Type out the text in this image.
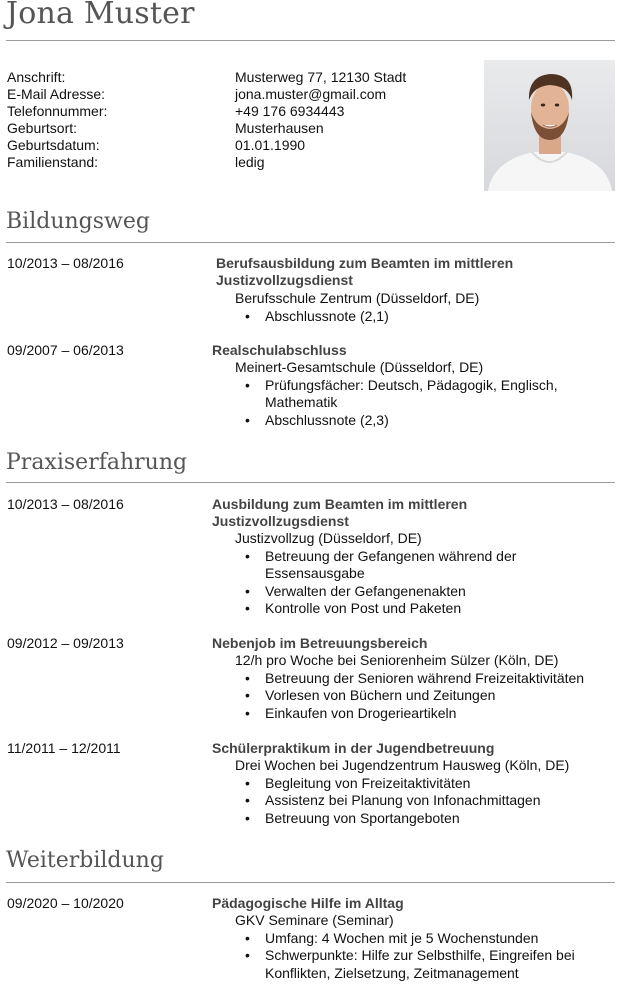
Jona Muster
Anschrift:	Musterweg 77, 12130 Stadt
E-Mail Adresse:	jona.muster@gmail.com
Telefonnummer:	+49 176 6934443
Geburtsort:	Musterhausen
Geburtsdatum:	01.01.1990
Familienstand:	ledig
Bildungsweg
10/2013 – 08/2016	Berufsausbildung zum Beamten im mittleren Justizvollzugsdienst
Berufsschule Zentrum (Düsseldorf, DE)
• Abschlussnote (2,1)
09/2007 – 06/2013	Realschulabschluss
Meinert-Gesamtschule (Düsseldorf, DE)
• Prüfungsfächer: Deutsch, Pädagogik, Englisch, Mathematik
• Abschlussnote (2,3)
Praxiserfahrung
10/2013 – 08/2016	Ausbildung zum Beamten im mittleren Justizvollzugsdienst
Justizvollzug (Düsseldorf, DE)
• Betreuung der Gefangenen während der Essensausgabe
• Verwalten der Gefangenenakten
• Kontrolle von Post und Paketen
09/2012 – 09/2013	Nebenjob im Betreuungsbereich
12/h pro Woche bei Seniorenheim Sülzer (Köln, DE)
• Betreuung der Senioren während Freizeitaktivitäten
• Vorlesen von Büchern und Zeitungen
• Einkaufen von Drogerieartikeln
11/2011 – 12/2011	Schülerpraktikum in der Jugendbetreuung
Drei Wochen bei Jugendzentrum Hausweg (Köln, DE)
• Begleitung von Freizeitaktivitäten
• Assistenz bei Planung von Infonachmittagen
• Betreuung von Sportangeboten
Weiterbildung
09/2020 – 10/2020	Pädagogische Hilfe im Alltag
GKV Seminare (Seminar)
• Umfang: 4 Wochen mit je 5 Wochenstunden
• Schwerpunkte: Hilfe zur Selbsthilfe, Eingreifen bei Konflikten, Zielsetzung, Zeitmanagement
